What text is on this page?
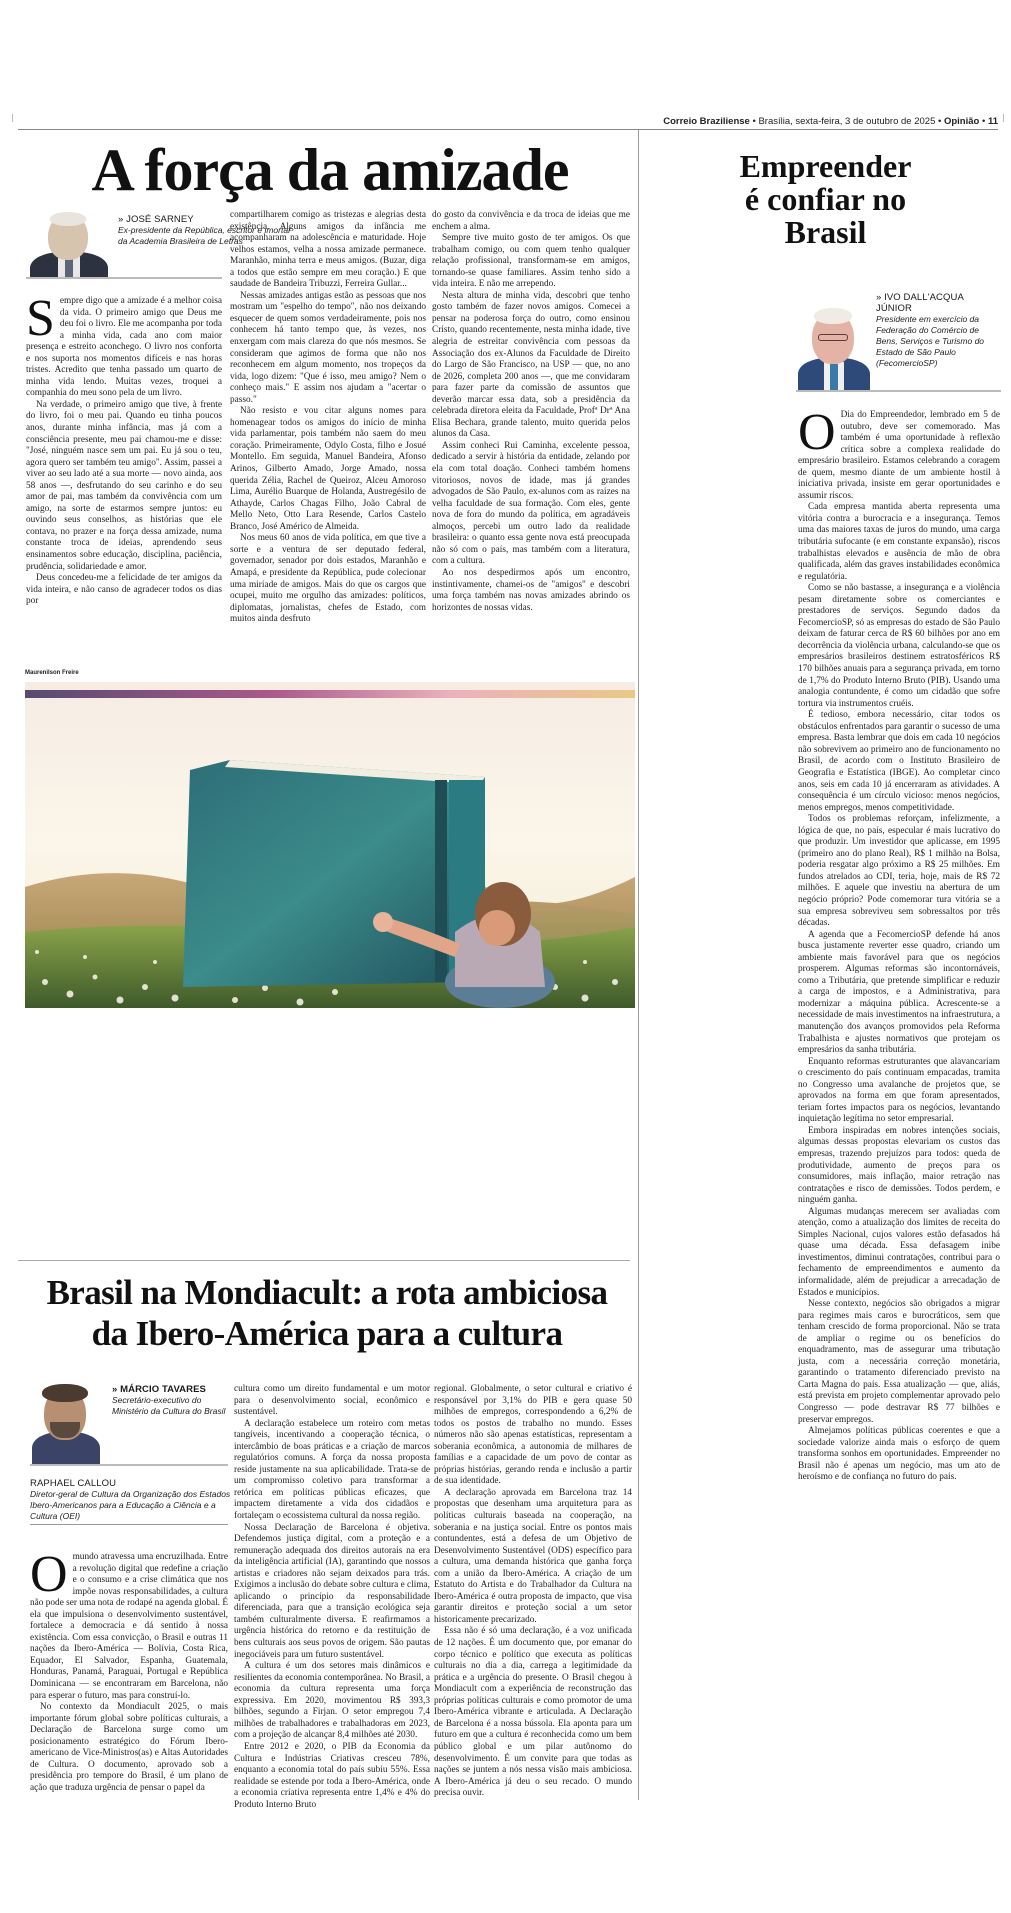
Correio Braziliense • Brasília, sexta-feira, 3 de outubro de 2025 • Opinião • 11
A força da amizade
» JOSÉ SARNEY
Ex-presidente da República, escritor e imortal da Academia Brasileira de Letras
S empre digo que a amizade é a melhor coisa da vida. O primeiro amigo que Deus me deu foi o livro. Ele me acompanha por toda a minha vida, cada ano com maior presença e estreito aconchego. O livro nos conforta e nos suporta nos momentos difíceis e nas horas tristes. Acredito que tenha passado um quarto de minha vida lendo. Muitas vezes, troquei a companhia do meu sono pela de um livro.

Na verdade, o primeiro amigo que tive, à frente do livro, foi o meu pai. Quando eu tinha poucos anos, durante minha infância, mas já com a consciência presente, meu pai chamou-me e disse: "José, ninguém nasce sem um pai. Eu já sou o teu, agora quero ser também teu amigo". Assim, passei a viver ao seu lado até a sua morte — novo ainda, aos 58 anos —, desfrutando do seu carinho e do seu amor de pai, mas também da convivência com um amigo, na sorte de estarmos sempre juntos: eu ouvindo seus conselhos, as histórias que ele contava, no prazer e na força dessa amizade, numa constante troca de ideias, aprendendo seus ensinamentos sobre educação, disciplina, paciência, prudência, solidariedade e amor.

Deus concedeu-me a felicidade de ter amigos da vida inteira, e não canso de agradecer todos os dias por

compartilharem comigo as tristezas e alegrias desta existência. Alguns amigos da infância me acompanharam na adolescência e maturidade. Hoje velhos estamos, velha a nossa amizade permanece. Maranhão, minha terra e meus amigos. (Buzar, diga a todos que estão sempre em meu coração.) E que saudade de Bandeira Tribuzzi, Ferreira Gullar...

Nessas amizades antigas estão as pessoas que nos mostram um "espelho do tempo", não nos deixando esquecer de quem somos verdadeiramente, pois nos conhecem há tanto tempo que, às vezes, nos enxergam com mais clareza do que nós mesmos. Se consideram que agimos de forma que não nos reconhecem em algum momento, nos tropeços da vida, logo dizem: "Que é isso, meu amigo? Nem o conheço mais." E assim nos ajudam a "acertar o passo."

Não resisto e vou citar alguns nomes para homenagear todos os amigos do início de minha vida parlamentar, pois também não saem do meu coração. Primeiramente, Odylo Costa, filho e Josué Montello. Em seguida, Manuel Bandeira, Afonso Arinos, Gilberto Amado, Jorge Amado, nossa querida Zélia, Rachel de Queiroz, Alceu Amoroso Lima, Aurélio Buarque de Holanda, Austregésilo de Athayde, Carlos Chagas Filho, João Cabral de Mello Neto, Otto Lara Resende, Carlos Castelo Branco, José Américo de Almeida.

Nos meus 60 anos de vida política, em que tive a sorte e a ventura de ser deputado federal, governador, senador por dois estados, Maranhão e Amapá, e presidente da República, pude colecionar uma miríade de amigos. Mais do que os cargos que ocupei, muito me orgulho das amizades: políticos, diplomatas, jornalistas, chefes de Estado, com muitos ainda desfruto

do gosto da convivência e da troca de ideias que me enchem a alma.

Sempre tive muito gosto de ter amigos. Os que trabalham comigo, ou com quem tenho qualquer relação profissional, transformam-se em amigos, tornando-se quase familiares. Assim tenho sido a vida inteira. E não me arrependo.

Nesta altura de minha vida, descobri que tenho gosto também de fazer novos amigos. Comecei a pensar na poderosa força do outro, como ensinou Cristo, quando recentemente, nesta minha idade, tive alegria de estreitar convivência com pessoas da Associação dos ex-Alunos da Faculdade de Direito do Largo de São Francisco, na USP — que, no ano de 2026, completa 200 anos —, que me convidaram para fazer parte da comissão de assuntos que deverão marcar essa data, sob a presidência da celebrada diretora eleita da Faculdade, Profª Drª Ana Elisa Bechara, grande talento, muito querida pelos alunos da Casa.

Assim conheci Rui Caminha, excelente pessoa, dedicado a servir à história da entidade, zelando por ela com total doação. Conheci também homens vitoriosos, novos de idade, mas já grandes advogados de São Paulo, ex-alunos com as raízes na velha faculdade de sua formação. Com eles, gente nova de fora do mundo da política, em agradáveis almoços, percebi um outro lado da realidade brasileira: o quanto essa gente nova está preocupada não só com o país, mas também com a literatura, com a cultura.

Ao nos despedirmos após um encontro, instintivamente, chamei-os de "amigos" e descobri uma força também nas novas amizades abrindo os horizontes de nossas vidas.

Maurenilson Freire
Empreender
é confiar no
Brasil
» IVO DALL'ACQUA JÚNIOR
Presidente em exercício da Federação do Comércio de Bens, Serviços e Turismo do Estado de São Paulo (FecomercioSP)
O Dia do Empreendedor, lembrado em 5 de outubro, deve ser comemorado. Mas também é uma oportunidade à reflexão crítica sobre a complexa realidade do empresário brasileiro. Estamos celebrando a coragem de quem, mesmo diante de um ambiente hostil à iniciativa privada, insiste em gerar oportunidades e assumir riscos.

Cada empresa mantida aberta representa uma vitória contra a burocracia e a insegurança. Temos uma das maiores taxas de juros do mundo, uma carga tributária sufocante (e em constante expansão), riscos trabalhistas elevados e ausência de mão de obra qualificada, além das graves instabilidades econômica e regulatória.

Como se não bastasse, a insegurança e a violência pesam diretamente sobre os comerciantes e prestadores de serviços. Segundo dados da FecomercioSP, só as empresas do estado de São Paulo deixam de faturar cerca de R$ 60 bilhões por ano em decorrência da violência urbana, calculando-se que os empresários brasileiros destinem estratosféricos R$ 170 bilhões anuais para a segurança privada, em torno de 1,7% do Produto Interno Bruto (PIB). Usando uma analogia contundente, é como um cidadão que sofre tortura via instrumentos cruéis.

É tedioso, embora necessário, citar todos os obstáculos enfrentados para garantir o sucesso de uma empresa. Basta lembrar que dois em cada 10 negócios não sobrevivem ao primeiro ano de funcionamento no Brasil, de acordo com o Instituto Brasileiro de Geografia e Estatística (IBGE). Ao completar cinco anos, seis em cada 10 já encerraram as atividades. A consequência é um círculo vicioso: menos negócios, menos empregos, menos competitividade.

Todos os problemas reforçam, infelizmente, a lógica de que, no país, especular é mais lucrativo do que produzir. Um investidor que aplicasse, em 1995 (primeiro ano do plano Real), R$ 1 milhão na Bolsa, poderia resgatar algo próximo a R$ 25 milhões. Em fundos atrelados ao CDI, teria, hoje, mais de R$ 72 milhões. E aquele que investiu na abertura de um negócio próprio? Pode comemorar tura vitória se a sua empresa sobreviveu sem sobressaltos por três décadas.

A agenda que a FecomercioSP defende há anos busca justamente reverter esse quadro, criando um ambiente mais favorável para que os negócios prosperem. Algumas reformas são incontornáveis, como a Tributária, que pretende simplificar e reduzir a carga de impostos, e a Administrativa, para modernizar a máquina pública. Acrescente-se a necessidade de mais investimentos na infraestrutura, a manutenção dos avanços promovidos pela Reforma Trabalhista e ajustes normativos que protejam os empresários da sanha tributária.

Enquanto reformas estruturantes que alavancariam o crescimento do país continuam empacadas, tramita no Congresso uma avalanche de projetos que, se aprovados na forma em que foram apresentados, teriam fortes impactos para os negócios, levantando inquietação legítima no setor empresarial.

Embora inspiradas em nobres intenções sociais, algumas dessas propostas elevariam os custos das empresas, trazendo prejuízos para todos: queda de produtividade, aumento de preços para os consumidores, mais inflação, maior retração nas contratações e risco de demissões. Todos perdem, e ninguém ganha.

Algumas mudanças merecem ser avaliadas com atenção, como a atualização dos limites de receita do Simples Nacional, cujos valores estão defasados há quase uma década. Essa defasagem inibe investimentos, diminui contratações, contribui para o fechamento de empreendimentos e aumento da informalidade, além de prejudicar a arrecadação de Estados e municípios.

Nesse contexto, negócios são obrigados a migrar para regimes mais caros e burocráticos, sem que tenham crescido de forma proporcional. Não se trata de ampliar o regime ou os benefícios do enquadramento, mas de assegurar uma tributação justa, com a necessária correção monetária, garantindo o tratamento diferenciado previsto na Carta Magna do país. Essa atualização — que, aliás, está prevista em projeto complementar aprovado pelo Congresso — pode destravar R$ 77 bilhões e preservar empregos.

Almejamos políticas públicas coerentes e que a sociedade valorize ainda mais o esforço de quem transforma sonhos em oportunidades. Empreender no Brasil não é apenas um negócio, mas um ato de heroísmo e de confiança no futuro do país.

Brasil na Mondiacult: a rota ambiciosa
da Ibero-América para a cultura
» MÁRCIO TAVARES
Secretário-executivo do Ministério da Cultura do Brasil
RAPHAEL CALLOU
Diretor-geral de Cultura da Organização dos Estados Ibero-Americanos para a Educação a Ciência e a Cultura (OEI)
O mundo atravessa uma encruzilhada. Entre a revolução digital que redefine a criação e o consumo e a crise climática que nos impõe novas responsabilidades, a cultura não pode ser uma nota de rodapé na agenda global. É ela que impulsiona o desenvolvimento sustentável, fortalece a democracia e dá sentido à nossa existência. Com essa convicção, o Brasil e outras 11 nações da Ibero-América — Bolívia, Costa Rica, Equador, El Salvador, Espanha, Guatemala, Honduras, Panamá, Paraguai, Portugal e República Dominicana — se encontraram em Barcelona, não para esperar o futuro, mas para construí-lo.

No contexto da Mondiacult 2025, o mais importante fórum global sobre políticas culturais, a Declaração de Barcelona surge como um posicionamento estratégico do Fórum Ibero-americano de Vice-Ministros(as) e Altas Autoridades de Cultura. O documento, aprovado sob a presidência pro tempore do Brasil, é um plano de ação que traduza urgência de pensar o papel da

cultura como um direito fundamental e um motor para o desenvolvimento social, econômico e sustentável.

A declaração estabelece um roteiro com metas tangíveis, incentivando a cooperação técnica, o intercâmbio de boas práticas e a criação de marcos regulatórios comuns. A força da nossa proposta reside justamente na sua aplicabilidade. Trata-se de um compromisso coletivo para transformar a retórica em políticas públicas eficazes, que impactem diretamente a vida dos cidadãos e fortaleçam o ecossistema cultural da nossa região.

Nossa Declaração de Barcelona é objetiva. Defendemos justiça digital, com a proteção e a remuneração adequada dos direitos autorais na era da inteligência artificial (IA), garantindo que nossos artistas e criadores não sejam deixados para trás. Exigimos a inclusão do debate sobre cultura e clima, aplicando o princípio da responsabilidade diferenciada, para que a transição ecológica seja também culturalmente diversa. E reafirmamos a urgência histórica do retorno e da restituição de bens culturais aos seus povos de origem. São pautas inegociáveis para um futuro sustentável.

A cultura é um dos setores mais dinâmicos e resilientes da economia contemporânea. No Brasil, a economia da cultura representa uma força expressiva. Em 2020, movimentou R$ 393,3 bilhões, segundo a Firjan. O setor empregou 7,4 milhões de trabalhadores e trabalhadoras em 2023, com a projeção de alcançar 8,4 milhões até 2030.

Entre 2012 e 2020, o PIB da Economia da Cultura e Indústrias Criativas cresceu 78%, enquanto a economia total do país subiu 55%. Essa realidade se estende por toda a Ibero-América, onde a economia criativa representa entre 1,4% e 4% do Produto Interno Bruto

regional. Globalmente, o setor cultural e criativo é responsável por 3,1% do PIB e gera quase 50 milhões de empregos, correspondendo a 6,2% de todos os postos de trabalho no mundo. Esses números não são apenas estatísticas, representam a soberania econômica, a autonomia de milhares de famílias e a capacidade de um povo de contar as próprias histórias, gerando renda e inclusão a partir de sua identidade.

A declaração aprovada em Barcelona traz 14 propostas que desenham uma arquitetura para as políticas culturais baseada na cooperação, na soberania e na justiça social. Entre os pontos mais contundentes, está a defesa de um Objetivo de Desenvolvimento Sustentável (ODS) específico para a cultura, uma demanda histórica que ganha força com a união da Ibero-América. A criação de um Estatuto do Artista e do Trabalhador da Cultura na Ibero-América é outra proposta de impacto, que visa garantir direitos e proteção social a um setor historicamente precarizado.

Essa não é só uma declaração, é a voz unificada de 12 nações. É um documento que, por emanar do corpo técnico e político que executa as políticas culturais no dia a dia, carrega a legitimidade da prática e a urgência do presente. O Brasil chegou à Mondiacult com a experiência de reconstrução das próprias políticas culturais e como promotor de uma Ibero-América vibrante e articulada. A Declaração de Barcelona é a nossa bússola. Ela aponta para um futuro em que a cultura é reconhecida como um bem público global e um pilar autônomo do desenvolvimento. É um convite para que todas as nações se juntem a nós nessa visão mais ambiciosa. A Ibero-América já deu o seu recado. O mundo precisa ouvir.
